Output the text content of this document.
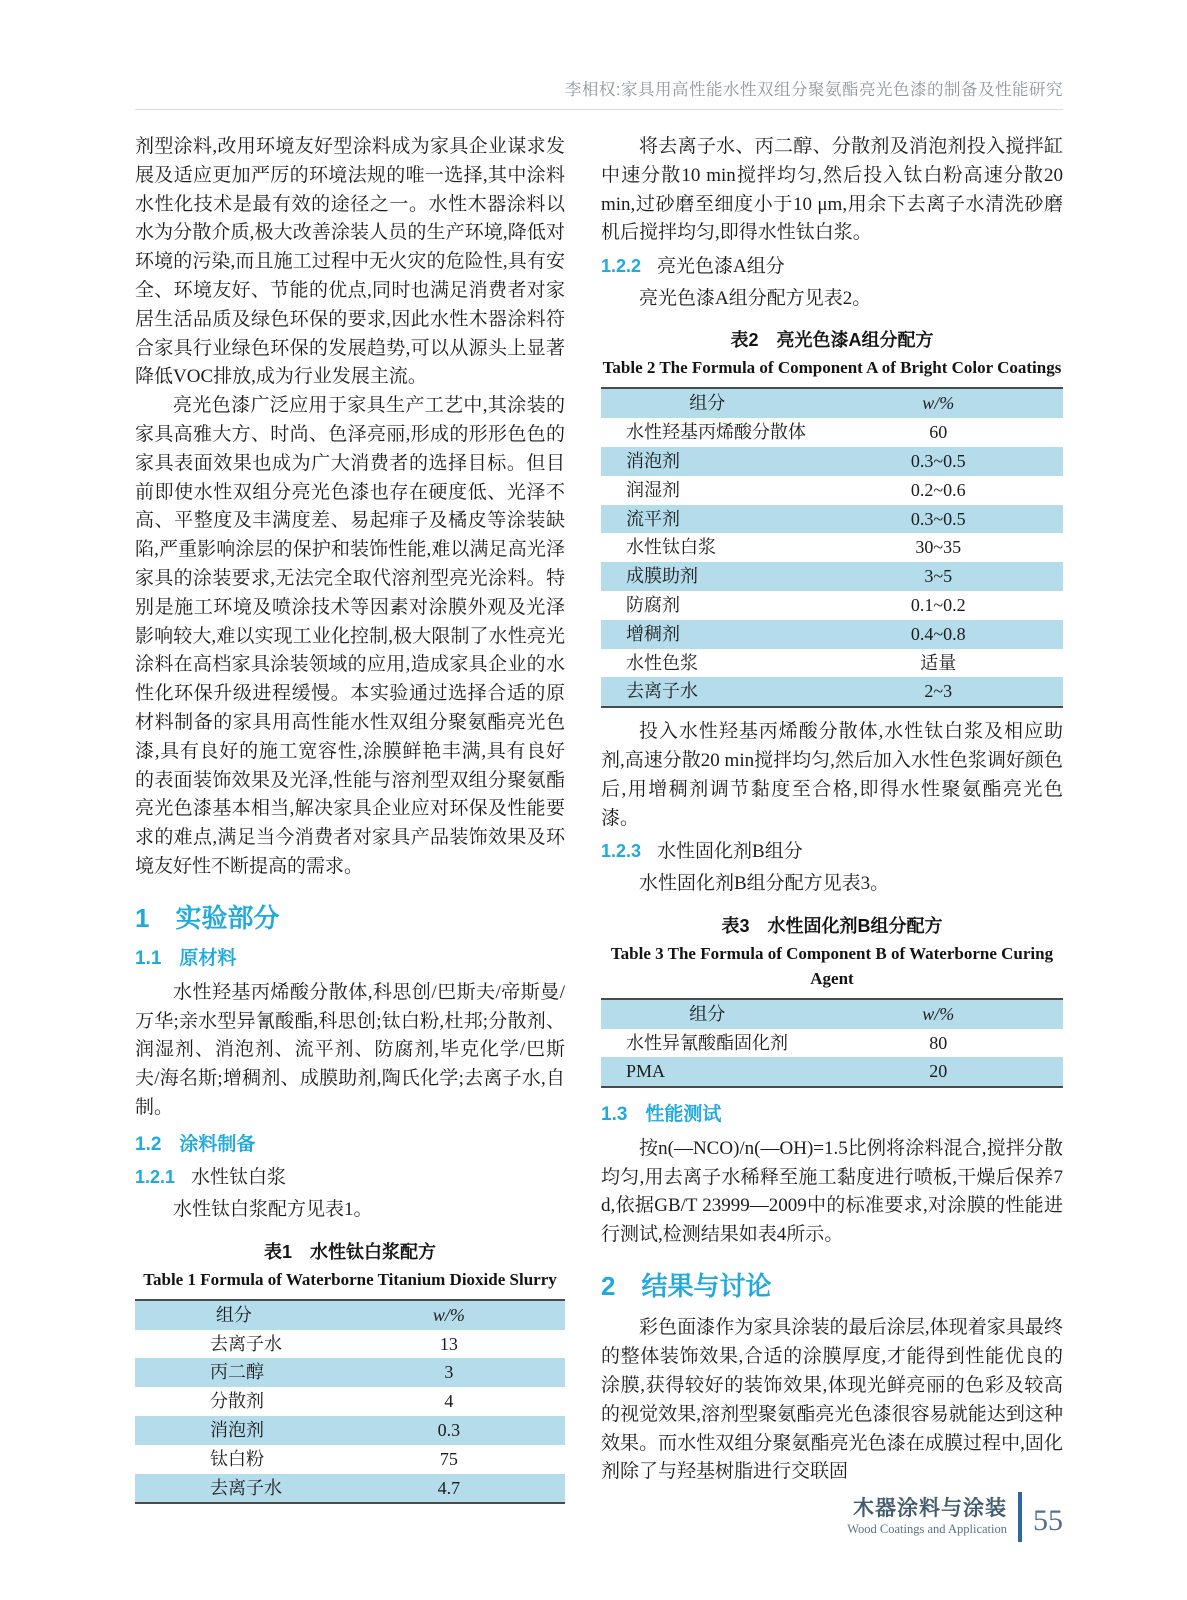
李相权:家具用高性能水性双组分聚氨酯亮光色漆的制备及性能研究

剂型涂料,改用环境友好型涂料成为家具企业谋求发展及适应更加严厉的环境法规的唯一选择,其中涂料水性化技术是最有效的途径之一。水性木器涂料以水为分散介质,极大改善涂装人员的生产环境,降低对环境的污染,而且施工过程中无火灾的危险性,具有安全、环境友好、节能的优点,同时也满足消费者对家居生活品质及绿色环保的要求,因此水性木器涂料符合家具行业绿色环保的发展趋势,可以从源头上显著降低VOC排放,成为行业发展主流。

亮光色漆广泛应用于家具生产工艺中,其涂装的家具高雅大方、时尚、色泽亮丽,形成的形形色色的家具表面效果也成为广大消费者的选择目标。但目前即使水性双组分亮光色漆也存在硬度低、光泽不高、平整度及丰满度差、易起痱子及橘皮等涂装缺陷,严重影响涂层的保护和装饰性能,难以满足高光泽家具的涂装要求,无法完全取代溶剂型亮光涂料。特别是施工环境及喷涂技术等因素对涂膜外观及光泽影响较大,难以实现工业化控制,极大限制了水性亮光涂料在高档家具涂装领域的应用,造成家具企业的水性化环保升级进程缓慢。本实验通过选择合适的原材料制备的家具用高性能水性双组分聚氨酯亮光色漆,具有良好的施工宽容性,涂膜鲜艳丰满,具有良好的表面装饰效果及光泽,性能与溶剂型双组分聚氨酯亮光色漆基本相当,解决家具企业应对环保及性能要求的难点,满足当今消费者对家具产品装饰效果及环境友好性不断提高的需求。

1 实验部分
1.1 原材料

水性羟基丙烯酸分散体,科思创/巴斯夫/帝斯曼/万华;亲水型异氰酸酯,科思创;钛白粉,杜邦;分散剂、润湿剂、消泡剂、流平剂、防腐剂,毕克化学/巴斯夫/海名斯;增稠剂、成膜助剂,陶氏化学;去离子水,自制。

1.2 涂料制备
1.2.1 水性钛白浆

水性钛白浆配方见表1。

表1　水性钛白浆配方
Table 1 Formula of Waterborne Titanium Dioxide Slurry
组分	w/%
去离子水	13
丙二醇	3
分散剂	4
消泡剂	0.3
钛白粉	75
去离子水	4.7

将去离子水、丙二醇、分散剂及消泡剂投入搅拌缸中速分散10 min搅拌均匀,然后投入钛白粉高速分散20 min,过砂磨至细度小于10 μm,用余下去离子水清洗砂磨机后搅拌均匀,即得水性钛白浆。

1.2.2 亮光色漆A组分

亮光色漆A组分配方见表2。

表2　亮光色漆A组分配方
Table 2 The Formula of Component A of Bright Color Coatings
组分	w/%
水性羟基丙烯酸分散体	60
消泡剂	0.3~0.5
润湿剂	0.2~0.6
流平剂	0.3~0.5
水性钛白浆	30~35
成膜助剂	3~5
防腐剂	0.1~0.2
增稠剂	0.4~0.8
水性色浆	适量
去离子水	2~3

投入水性羟基丙烯酸分散体,水性钛白浆及相应助剂,高速分散20 min搅拌均匀,然后加入水性色浆调好颜色后,用增稠剂调节黏度至合格,即得水性聚氨酯亮光色漆。

1.2.3 水性固化剂B组分

水性固化剂B组分配方见表3。

表3　水性固化剂B组分配方
Table 3 The Formula of Component B of Waterborne Curing Agent
组分	w/%
水性异氰酸酯固化剂	80
PMA	20
1.3 性能测试

按n(—NCO)/n(—OH)=1.5比例将涂料混合,搅拌分散均匀,用去离子水稀释至施工黏度进行喷板,干燥后保养7 d,依据GB/T 23999—2009中的标准要求,对涂膜的性能进行测试,检测结果如表4所示。

2 结果与讨论

彩色面漆作为家具涂装的最后涂层,体现着家具最终的整体装饰效果,合适的涂膜厚度,才能得到性能优良的涂膜,获得较好的装饰效果,体现光鲜亮丽的色彩及较高的视觉效果,溶剂型聚氨酯亮光色漆很容易就能达到这种效果。而水性双组分聚氨酯亮光色漆在成膜过程中,固化剂除了与羟基树脂进行交联固

木器涂料与涂装
Wood Coatings and Application 55
